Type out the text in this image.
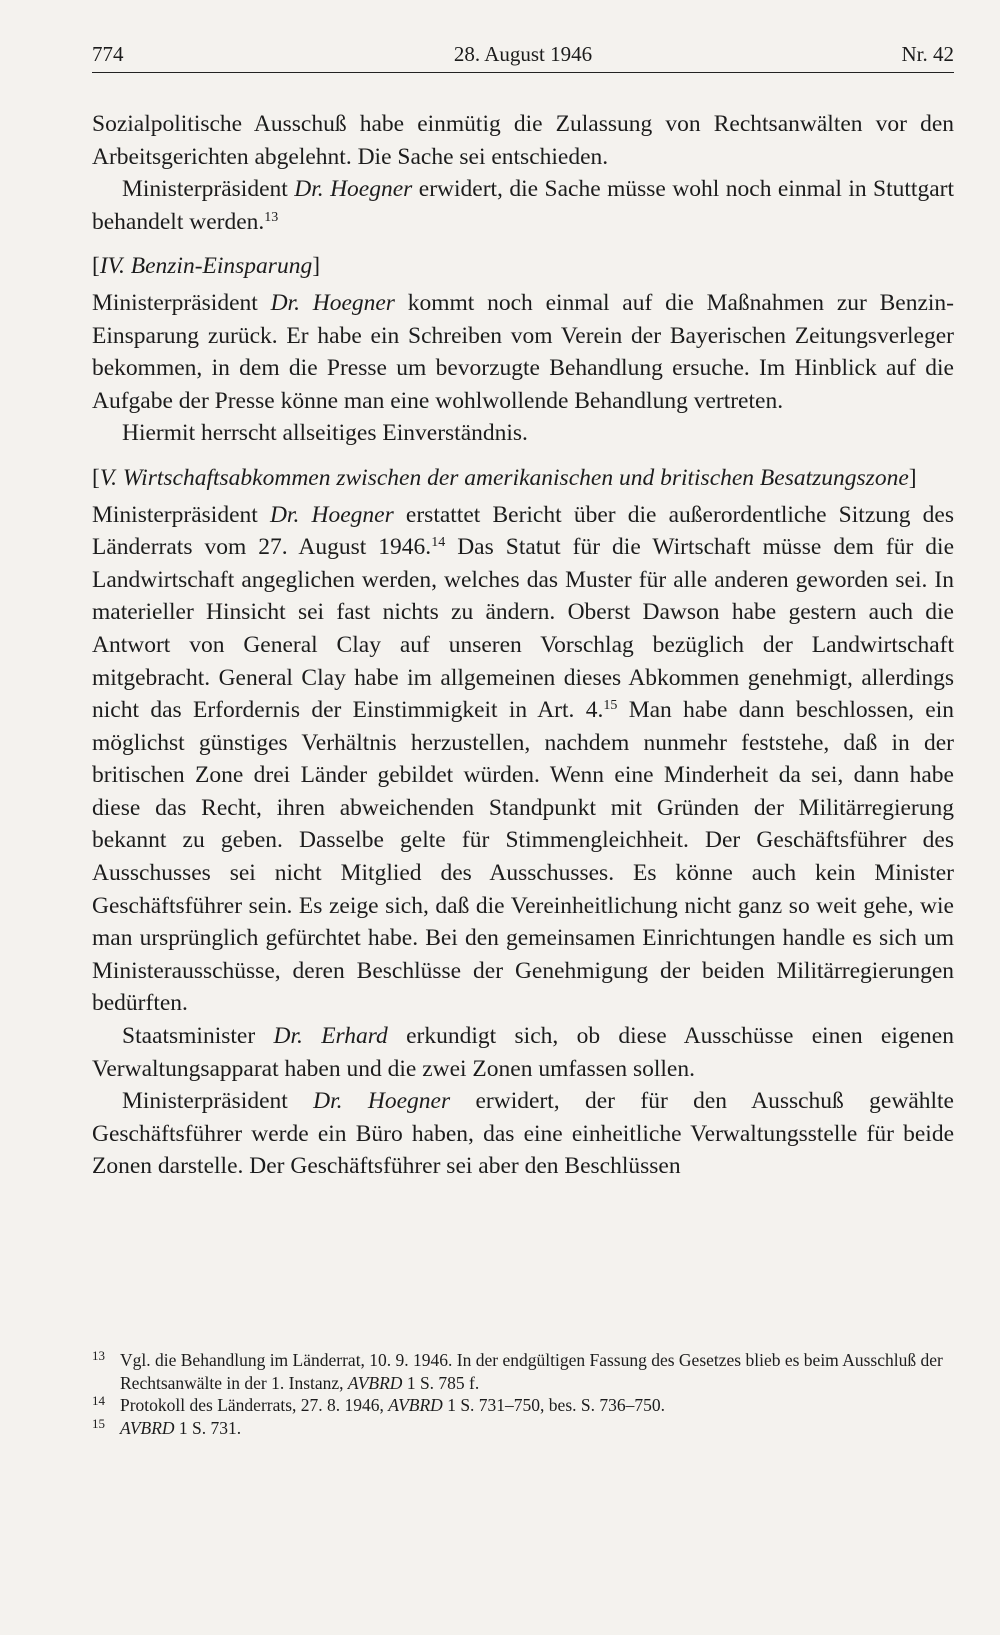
774	28. August 1946	Nr. 42

Sozialpolitische Ausschuß habe einmütig die Zulassung von Rechtsanwälten vor den Arbeitsgerichten abgelehnt. Die Sache sei entschieden.

Ministerpräsident Dr. Hoegner erwidert, die Sache müsse wohl noch einmal in Stuttgart behandelt werden.$^{13}$

[IV. Benzin-Einsparung]

Ministerpräsident Dr. Hoegner kommt noch einmal auf die Maßnahmen zur Benzin-Einsparung zurück. Er habe ein Schreiben vom Verein der Bayerischen Zeitungsverleger bekommen, in dem die Presse um bevorzugte Behandlung ersuche. Im Hinblick auf die Aufgabe der Presse könne man eine wohlwollende Behandlung vertreten.

Hiermit herrscht allseitiges Einverständnis.

[V. Wirtschaftsabkommen zwischen der amerikanischen und britischen Besatzungszone]

Ministerpräsident Dr. Hoegner erstattet Bericht über die außerordentliche Sitzung des Länderrats vom 27. August 1946.14 Das Statut für die Wirtschaft müsse dem für die Landwirtschaft angeglichen werden, welches das Muster für alle anderen geworden sei. In materieller Hinsicht sei fast nichts zu ändern. Oberst Dawson habe gestern auch die Antwort von General Clay auf unseren Vorschlag bezüglich der Landwirtschaft mitgebracht. General Clay habe im allgemeinen dieses Abkommen genehmigt, allerdings nicht das Erfordernis der Einstimmigkeit in Art. 4.15 Man habe dann beschlossen, ein möglichst günstiges Verhältnis herzustellen, nachdem nunmehr feststehe, daß in der britischen Zone drei Länder gebildet würden. Wenn eine Minderheit da sei, dann habe diese das Recht, ihren abweichenden Standpunkt mit Gründen der Militärregierung bekannt zu geben. Dasselbe gelte für Stimmengleichheit. Der Geschäftsführer des Ausschusses sei nicht Mitglied des Ausschusses. Es könne auch kein Minister Geschäftsführer sein. Es zeige sich, daß die Vereinheitlichung nicht ganz so weit gehe, wie man ursprünglich gefürchtet habe. Bei den gemeinsamen Einrichtungen handle es sich um Ministerausschüsse, deren Beschlüsse der Genehmigung der beiden Militärregierungen bedürften.

Staatsminister Dr. Erhard erkundigt sich, ob diese Ausschüsse einen eigenen Verwaltungsapparat haben und die zwei Zonen umfassen sollen.

Ministerpräsident Dr. Hoegner erwidert, der für den Ausschuß gewählte Geschäftsführer werde ein Büro haben, das eine einheitliche Verwaltungsstelle für beide Zonen darstelle. Der Geschäftsführer sei aber den Beschlüssen

13 Vgl. die Behandlung im Länderrat, 10. 9. 1946. In der endgültigen Fassung des Gesetzes blieb es beim Ausschluß der Rechtsanwälte in der 1. Instanz, AVBRD 1 S. 785 f.
14 Protokoll des Länderrats, 27. 8. 1946, AVBRD 1 S. 731–750, bes. S. 736–750.
15 AVBRD 1 S. 731.
